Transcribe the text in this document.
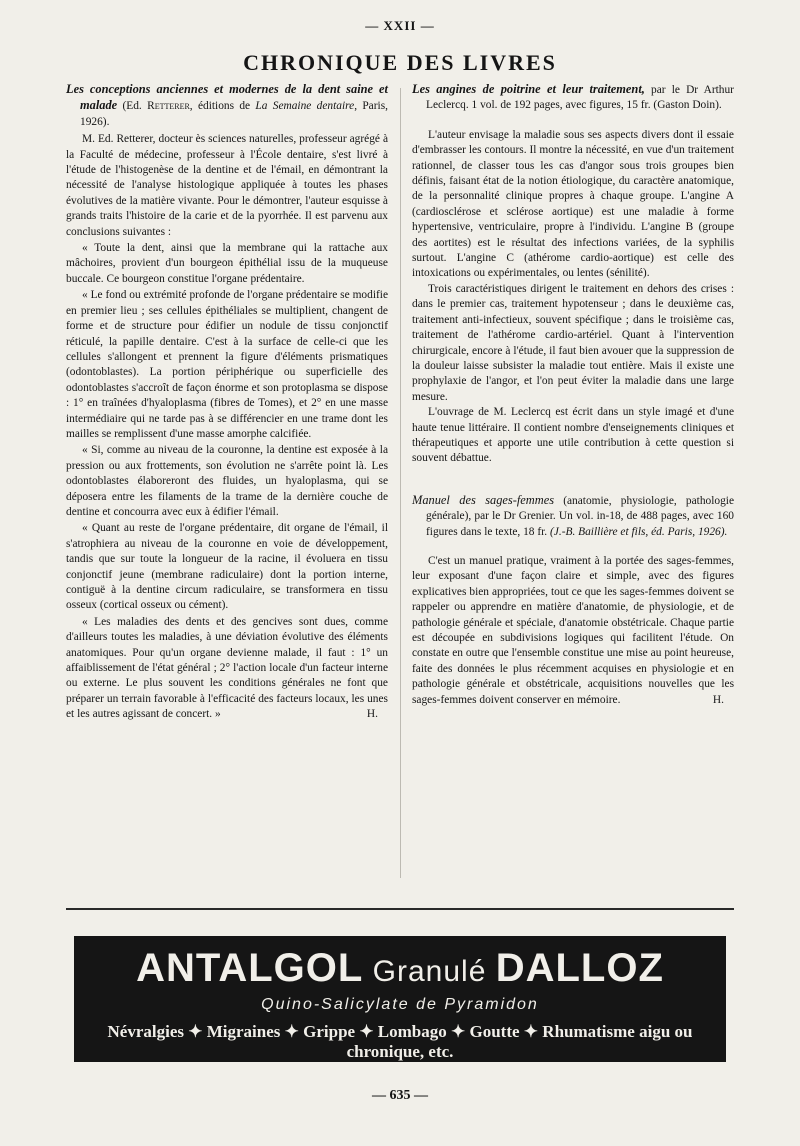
— XXII —
CHRONIQUE DES LIVRES

Les conceptions anciennes et modernes de la dent saine et malade (Ed. Retterer, éditions de La Semaine dentaire, Paris, 1926).

M. Ed. Retterer, docteur ès sciences naturelles, professeur agrégé à la Faculté de médecine, professeur à l'École dentaire, s'est livré à l'étude de l'histogenèse de la dentine et de l'émail, en démontrant la nécessité de l'analyse histologique appliquée à toutes les phases évolutives de la matière vivante. Pour le démontrer, l'auteur esquisse à grands traits l'histoire de la carie et de la pyorrhée. Il est parvenu aux conclusions suivantes :

« Toute la dent, ainsi que la membrane qui la rattache aux mâchoires, provient d'un bourgeon épithélial issu de la muqueuse buccale. Ce bourgeon constitue l'organe prédentaire.

« Le fond ou extrémité profonde de l'organe prédentaire se modifie en premier lieu ; ses cellules épithéliales se multiplient, changent de forme et de structure pour édifier un nodule de tissu conjonctif réticulé, la papille dentaire. C'est à la surface de celle-ci que les cellules s'allongent et prennent la figure d'éléments prismatiques (odontoblastes). La portion périphérique ou superficielle des odontoblastes s'accroît de façon énorme et son protoplasma se dispose : 1° en traînées d'hyaloplasma (fibres de Tomes), et 2° en une masse intermédiaire qui ne tarde pas à se différencier en une trame dont les mailles se remplissent d'une masse amorphe calcifiée.

« Si, comme au niveau de la couronne, la dentine est exposée à la pression ou aux frottements, son évolution ne s'arrête point là. Les odontoblastes élaboreront des fluides, un hyaloplasma, qui se déposera entre les filaments de la trame de la dernière couche de dentine et concourra avec eux à édifier l'émail.

« Quant au reste de l'organe prédentaire, dit organe de l'émail, il s'atrophiera au niveau de la couronne en voie de développement, tandis que sur toute la longueur de la racine, il évoluera en tissu conjonctif jeune (membrane radiculaire) dont la portion interne, contiguë à la dentine circum radiculaire, se transformera en tissu osseux (cortical osseux ou cément).

« Les maladies des dents et des gencives sont dues, comme d'ailleurs toutes les maladies, à une déviation évolutive des éléments anatomiques. Pour qu'un organe devienne malade, il faut : 1° un affaiblissement de l'état général ; 2° l'action locale d'un facteur interne ou externe. Le plus souvent les conditions générales ne font que préparer un terrain favorable à l'efficacité des facteurs locaux, les unes et les autres agissant de concert. »	H.

Les angines de poitrine et leur traitement, par le Dr Arthur Leclercq. 1 vol. de 192 pages, avec figures, 15 fr. (Gaston Doin).

L'auteur envisage la maladie sous ses aspects divers dont il essaie d'embrasser les contours. Il montre la nécessité, en vue d'un traitement rationnel, de classer tous les cas d'angor sous trois groupes bien définis, faisant état de la notion étiologique, du caractère anatomique, de la personnalité clinique propres à chaque groupe. L'angine A (cardiosclérose et sclérose aortique) est une maladie à forme hypertensive, ventriculaire, propre à l'individu. L'angine B (groupe des aortites) est le résultat des infections variées, de la syphilis surtout. L'angine C (athérome cardio-aortique) est celle des intoxications ou expérimentales, ou lentes (sénilité).

Trois caractéristiques dirigent le traitement en dehors des crises : dans le premier cas, traitement hypotenseur ; dans le deuxième cas, traitement anti-infectieux, souvent spécifique ; dans le troisième cas, traitement de l'athérome cardio-artériel. Quant à l'intervention chirurgicale, encore à l'étude, il faut bien avouer que la suppression de la douleur laisse subsister la maladie tout entière. Mais il existe une prophylaxie de l'angor, et l'on peut éviter la maladie dans une large mesure.

L'ouvrage de M. Leclercq est écrit dans un style imagé et d'une haute tenue littéraire. Il contient nombre d'enseignements cliniques et thérapeutiques et apporte une utile contribution à cette question si souvent débattue.

Manuel des sages-femmes (anatomie, physiologie, pathologie générale), par le Dr Grenier. Un vol. in-18, de 488 pages, avec 160 figures dans le texte, 18 fr. (J.-B. Baillière et fils, éd. Paris, 1926).

C'est un manuel pratique, vraiment à la portée des sages-femmes, leur exposant d'une façon claire et simple, avec des figures explicatives bien appropriées, tout ce que les sages-femmes doivent se rappeler ou apprendre en matière d'anatomie, de physiologie, et de pathologie générale et spéciale, d'anatomie obstétricale. Chaque partie est découpée en subdivisions logiques qui facilitent l'étude. On constate en outre que l'ensemble constitue une mise au point heureuse, faite des données le plus récemment acquises en physiologie et en pathologie générale et obstétricale, acquisitions nouvelles que les sages-femmes doivent conserver en mémoire.	H.

ANTALGOL Granulé DALLOZ
Quino-Salicylate de Pyramidon
Névralgies ✦ Migraines ✦ Grippe ✦ Lombago ✦ Goutte ✦ Rhumatisme aigu ou chronique, etc.
Echantillons : DALLOZ & Cie, 13, Boulᵈ de la Chapelle, PARIS
— 635 —
